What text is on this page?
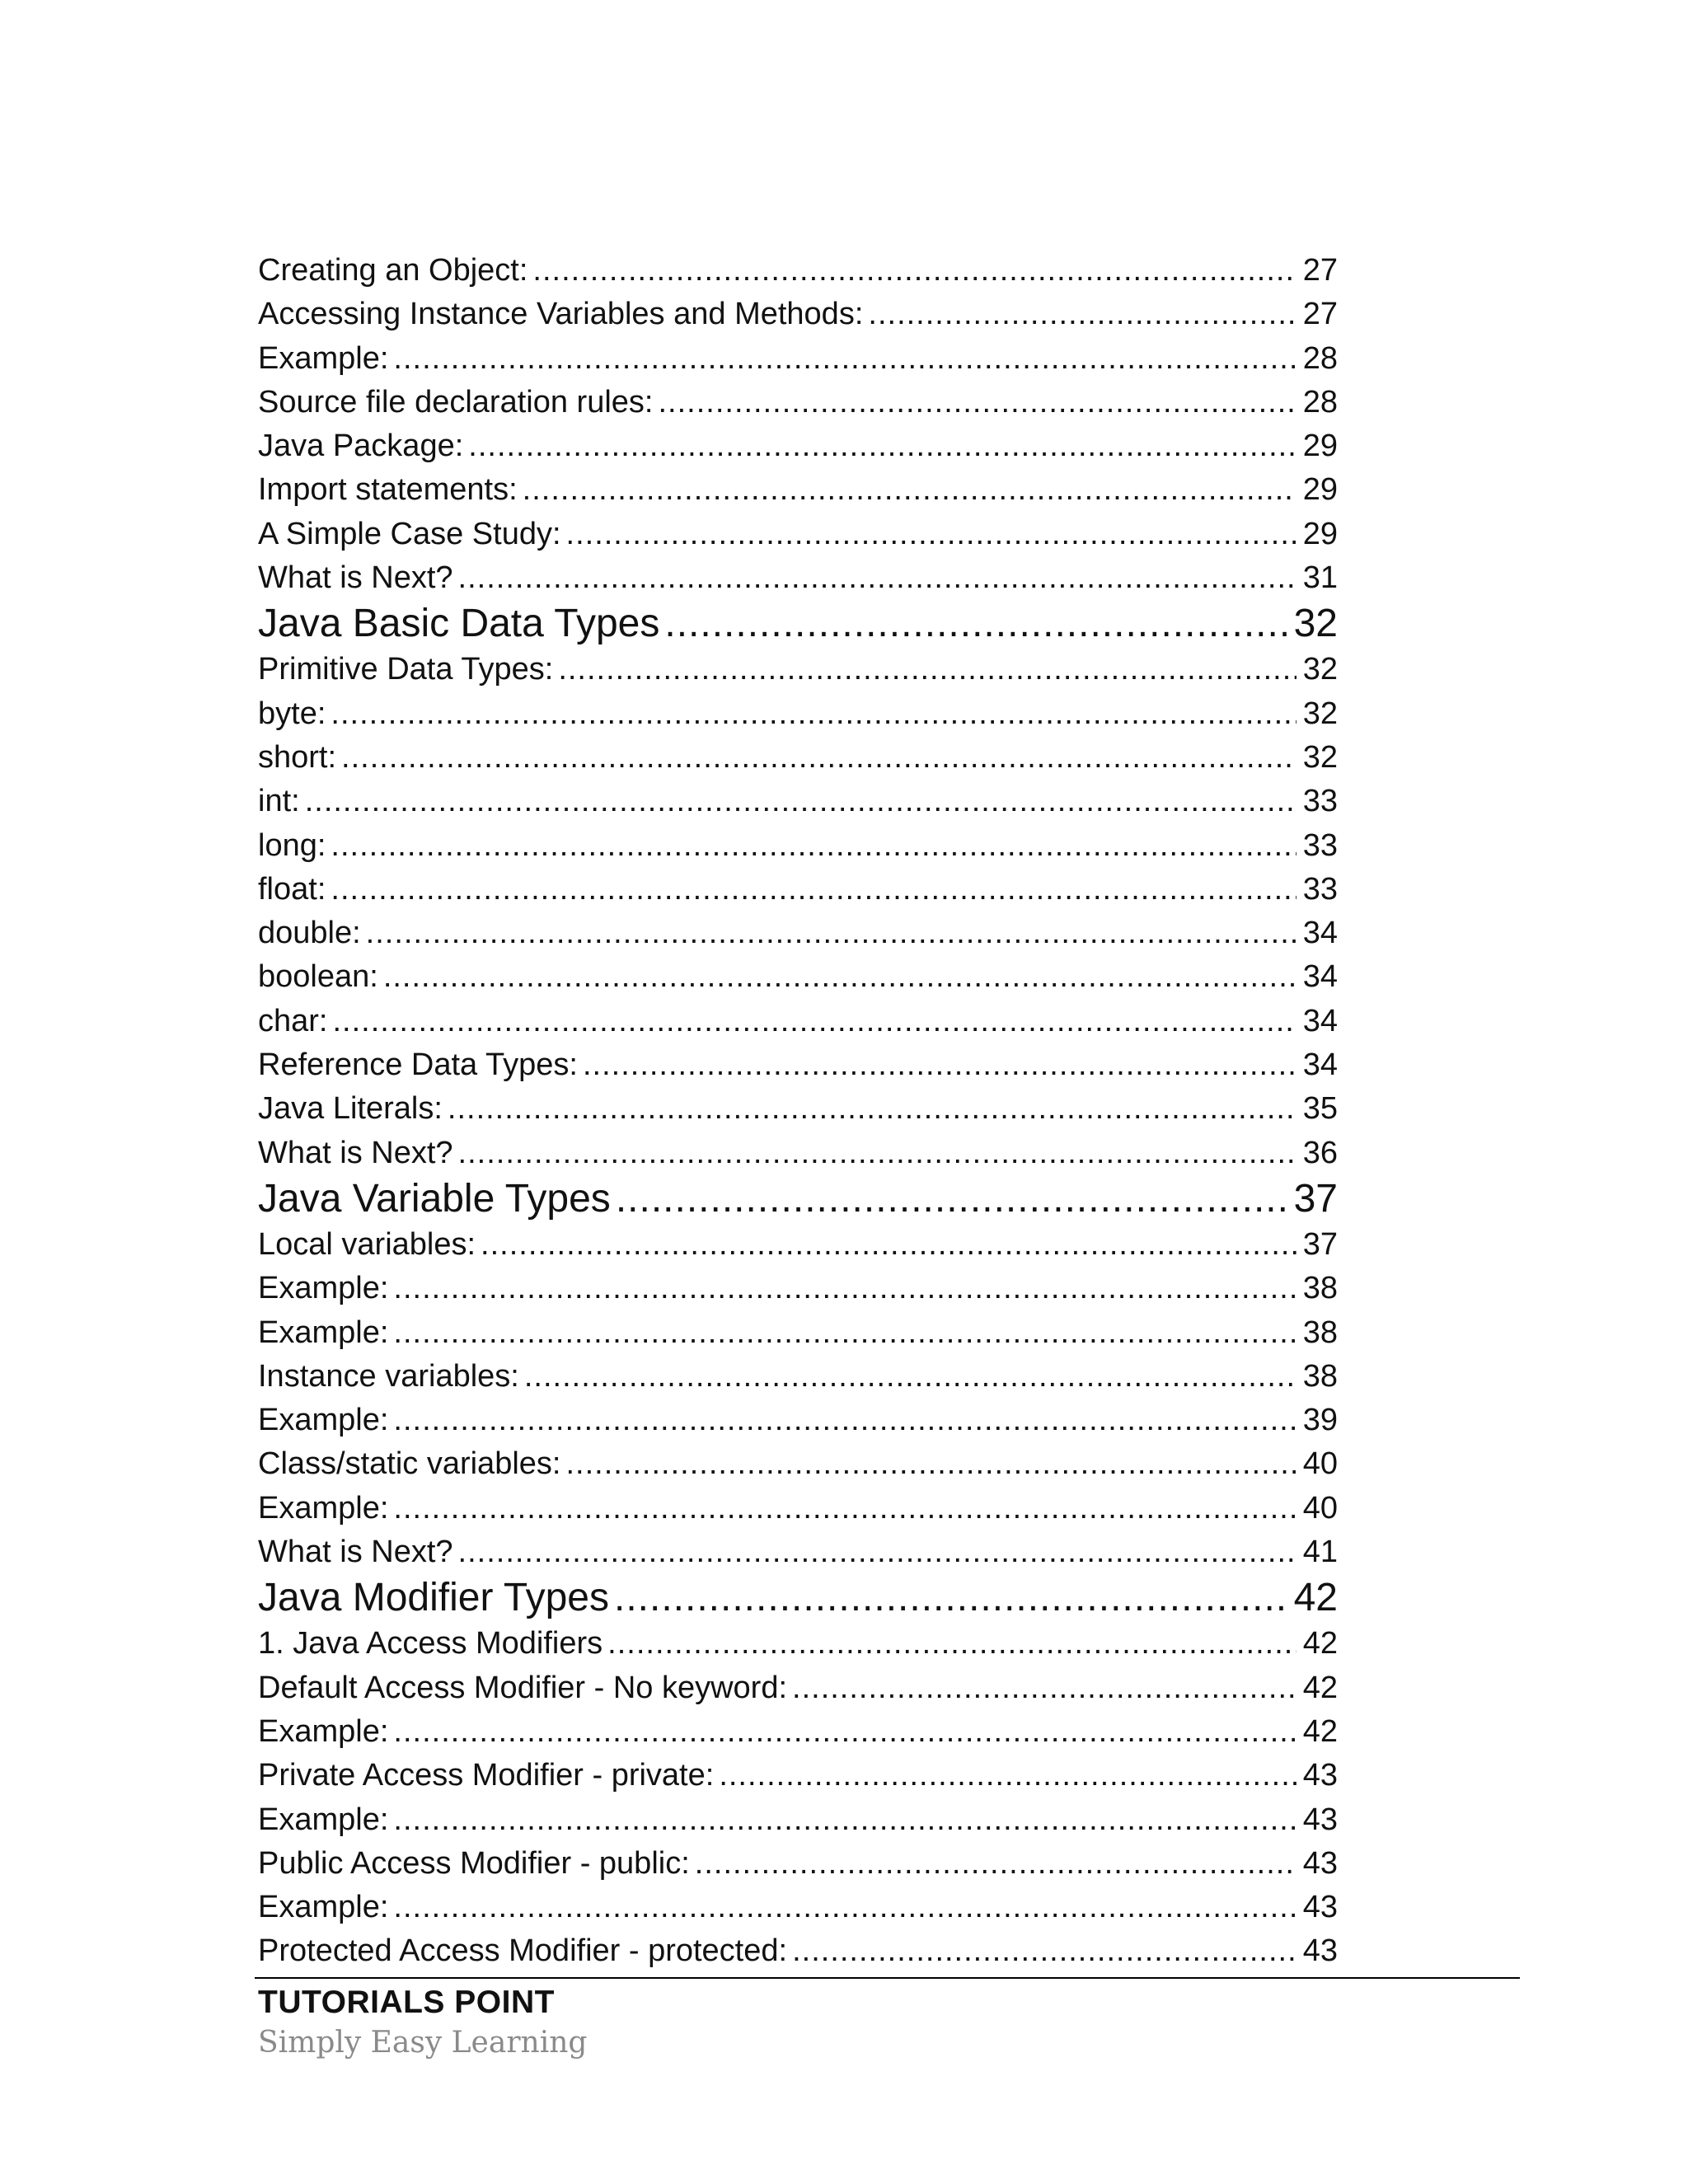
Creating an Object: .....	27
Accessing Instance Variables and Methods: .....	27
Example: .....	28
Source file declaration rules: .....	28
Java Package: .....	29
Import statements: .....	29
A Simple Case Study: .....	29
What is Next? .....	31
Java Basic Data Types .....	32
Primitive Data Types: .....	32
byte: .....	32
short: .....	32
int: .....	33
long: .....	33
float: .....	33
double: .....	34
boolean: .....	34
char: .....	34
Reference Data Types: .....	34
Java Literals: .....	35
What is Next? .....	36
Java Variable Types .....	37
Local variables: .....	37
Example: .....	38
Example: .....	38
Instance variables: .....	38
Example: .....	39
Class/static variables: .....	40
Example: .....	40
What is Next? .....	41
Java Modifier Types .....	42
1. Java Access Modifiers .....	42
Default Access Modifier - No keyword: .....	42
Example: .....	42
Private Access Modifier - private: .....	43
Example: .....	43
Public Access Modifier - public: .....	43
Example: .....	43
Protected Access Modifier - protected: .....	43
TUTORIALS POINT
Simply Easy Learning
